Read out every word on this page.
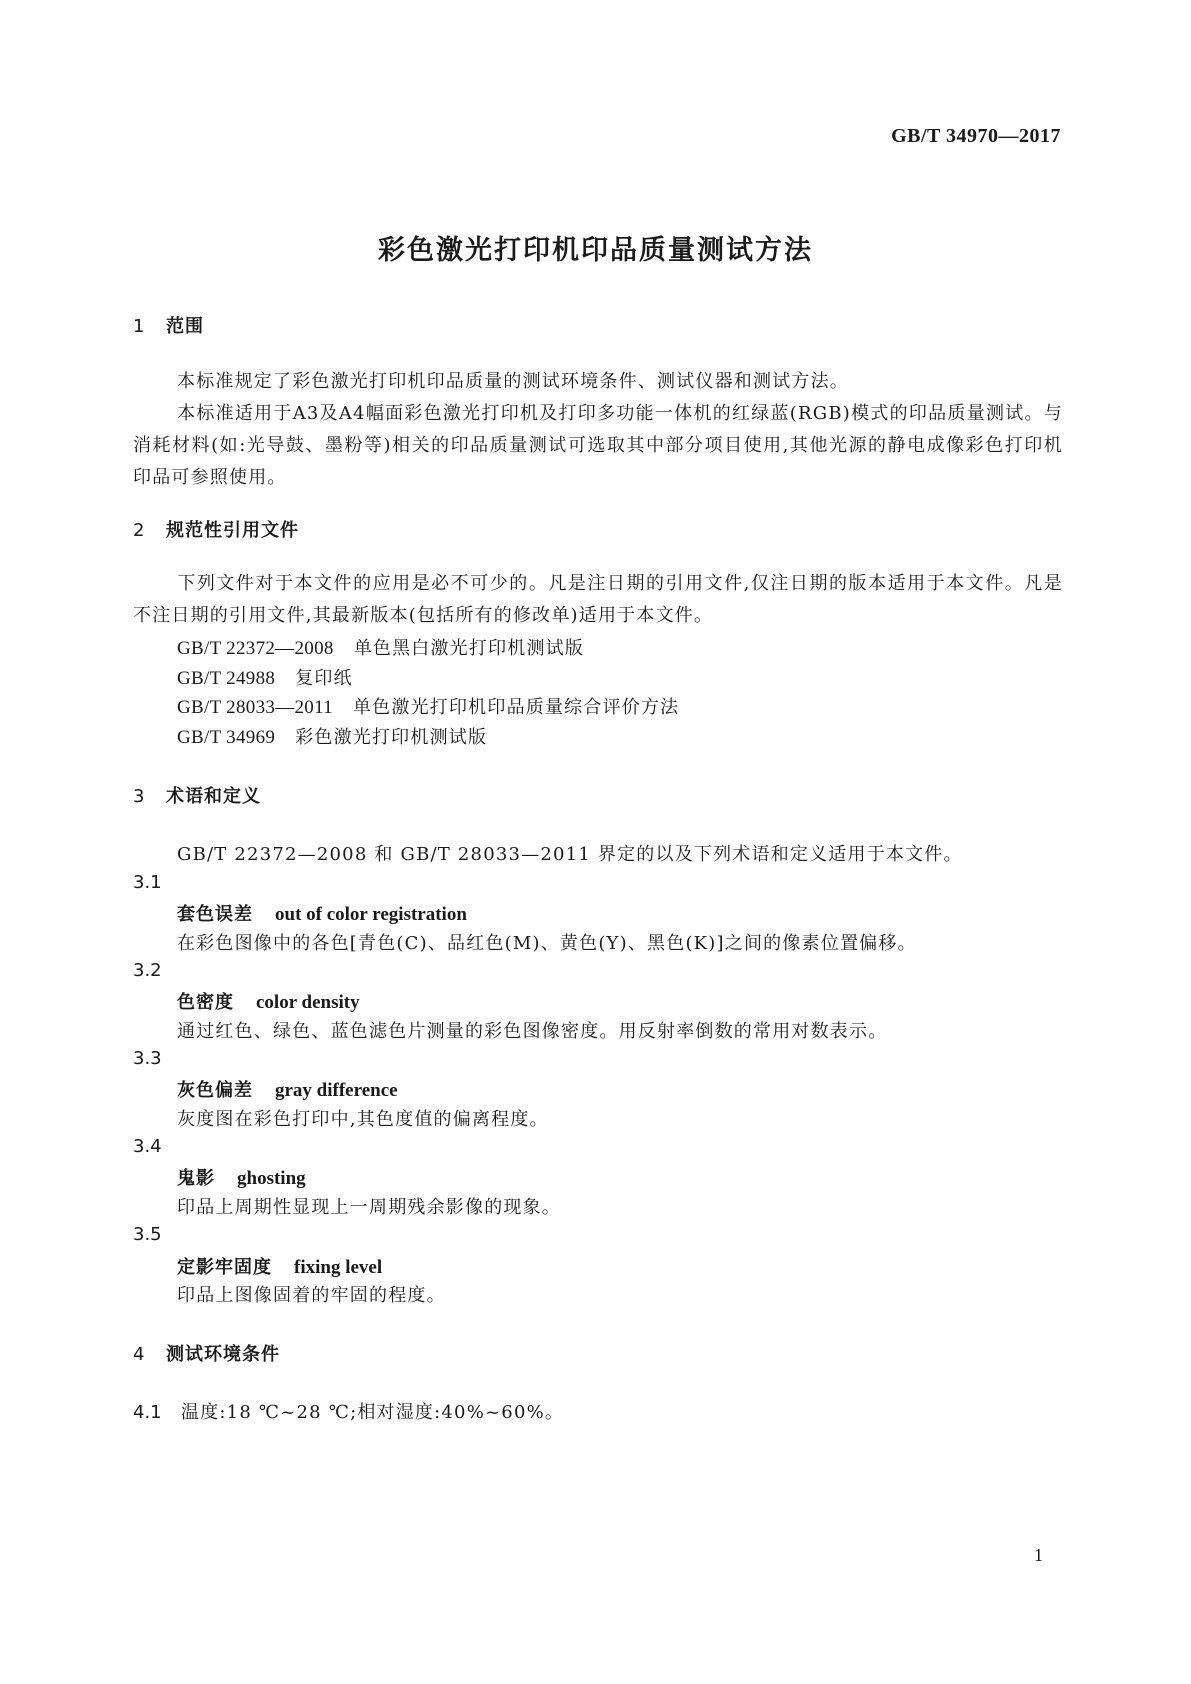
GB/T 34970—2017
彩色激光打印机印品质量测试方法
1 范围
本标准规定了彩色激光打印机印品质量的测试环境条件、测试仪器和测试方法。
本标准适用于A3及A4幅面彩色激光打印机及打印多功能一体机的红绿蓝(RGB)模式的印品质量测试。与消耗材料(如:光导鼓、墨粉等)相关的印品质量测试可选取其中部分项目使用,其他光源的静电成像彩色打印机印品可参照使用。
2 规范性引用文件
下列文件对于本文件的应用是必不可少的。凡是注日期的引用文件,仅注日期的版本适用于本文件。凡是不注日期的引用文件,其最新版本(包括所有的修改单)适用于本文件。
GB/T 22372—2008 单色黑白激光打印机测试版
GB/T 24988 复印纸
GB/T 28033—2011 单色激光打印机印品质量综合评价方法
GB/T 34969 彩色激光打印机测试版
3 术语和定义
GB/T 22372—2008 和 GB/T 28033—2011 界定的以及下列术语和定义适用于本文件。
3.1
套色误差 out of color registration
在彩色图像中的各色[青色(C)、品红色(M)、黄色(Y)、黑色(K)]之间的像素位置偏移。
3.2
色密度 color density
通过红色、绿色、蓝色滤色片测量的彩色图像密度。用反射率倒数的常用对数表示。
3.3
灰色偏差 gray difference
灰度图在彩色打印中,其色度值的偏离程度。
3.4
鬼影 ghosting
印品上周期性显现上一周期残余影像的现象。
3.5
定影牢固度 fixing level
印品上图像固着的牢固的程度。
4 测试环境条件
4.1 温度:18 ℃~28 ℃;相对湿度:40%~60%。
1
